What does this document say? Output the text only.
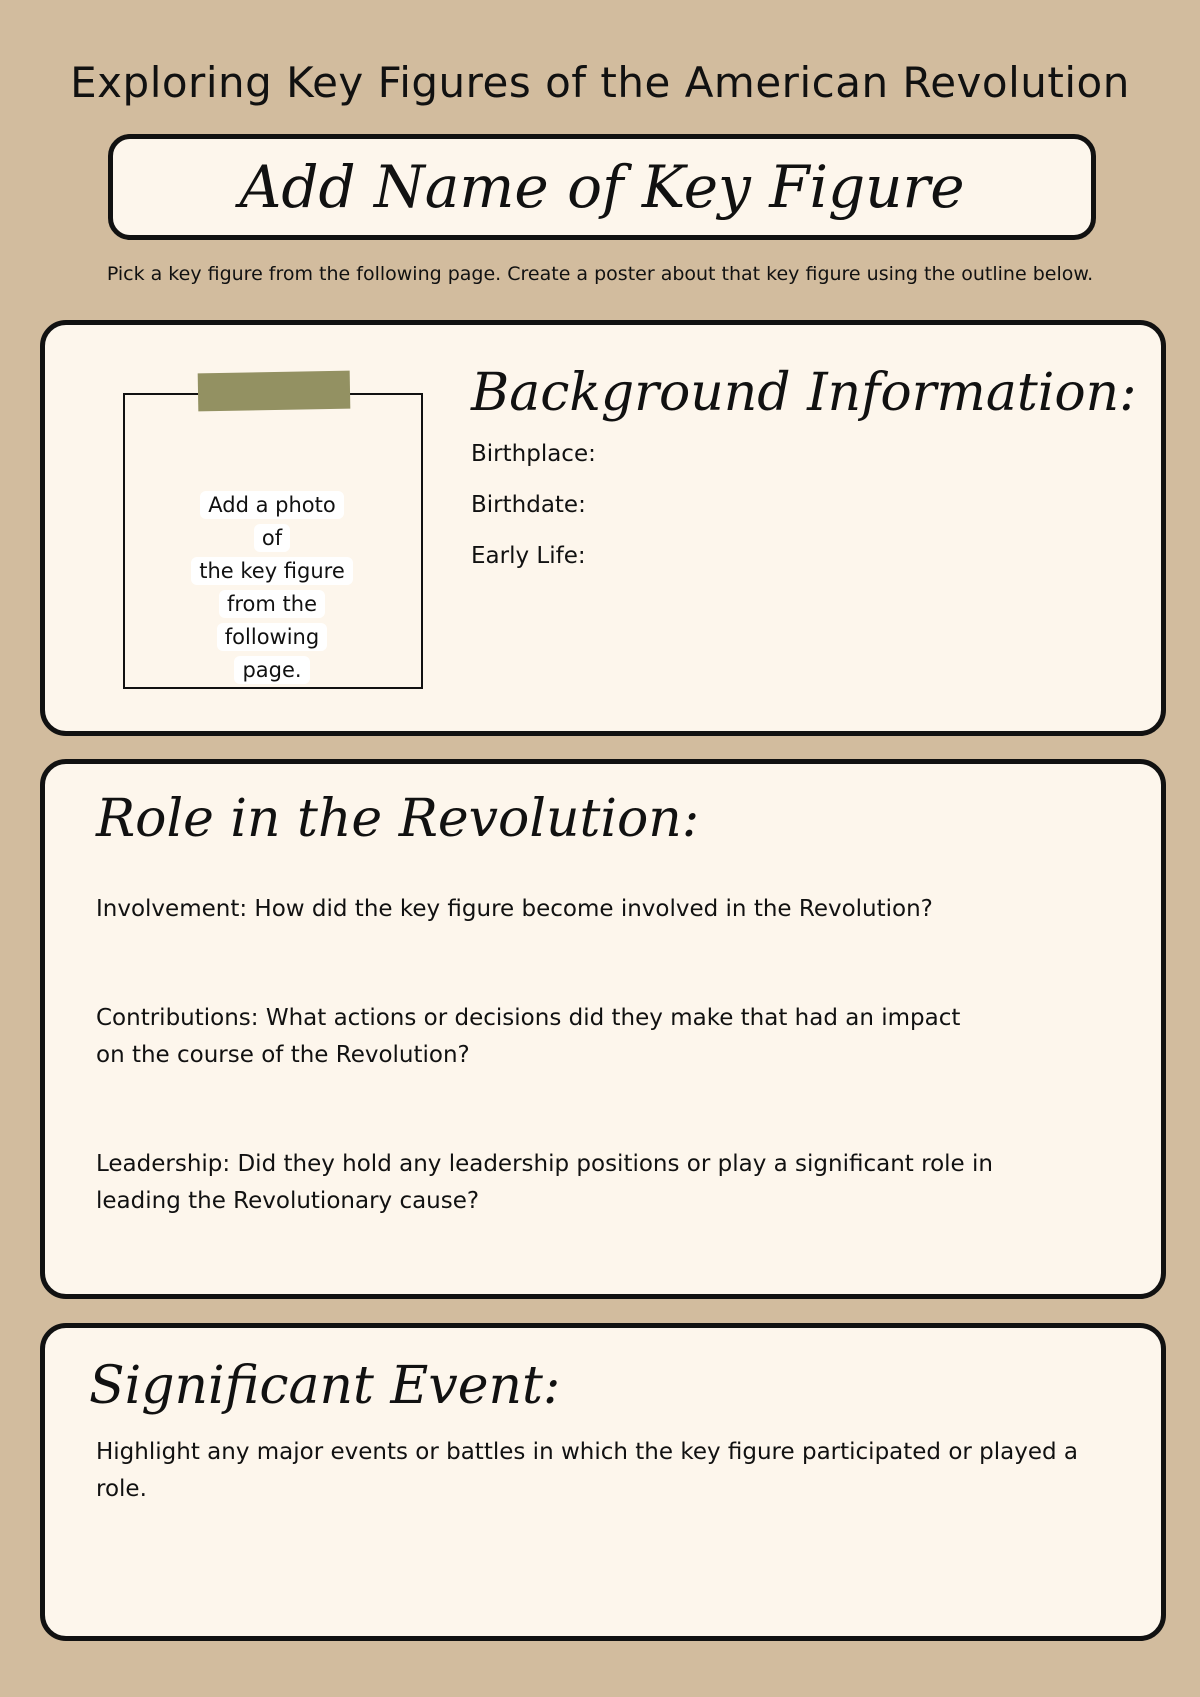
Exploring Key Figures of the American Revolution
Add Name of Key Figure
Pick a key figure from the following page. Create a poster about that key figure using the outline below.
Add a photo of
the key figure
from the
following page.
Background Information:
Birthplace:
Birthdate:
Early Life:
Role in the Revolution:

Involvement: How did the key figure become involved in the Revolution?

Contributions: What actions or decisions did they make that had an impact on the course of the Revolution?

Leadership: Did they hold any leadership positions or play a significant role in leading the Revolutionary cause?

Significant Event:

Highlight any major events or battles in which the key figure participated or played a role.
